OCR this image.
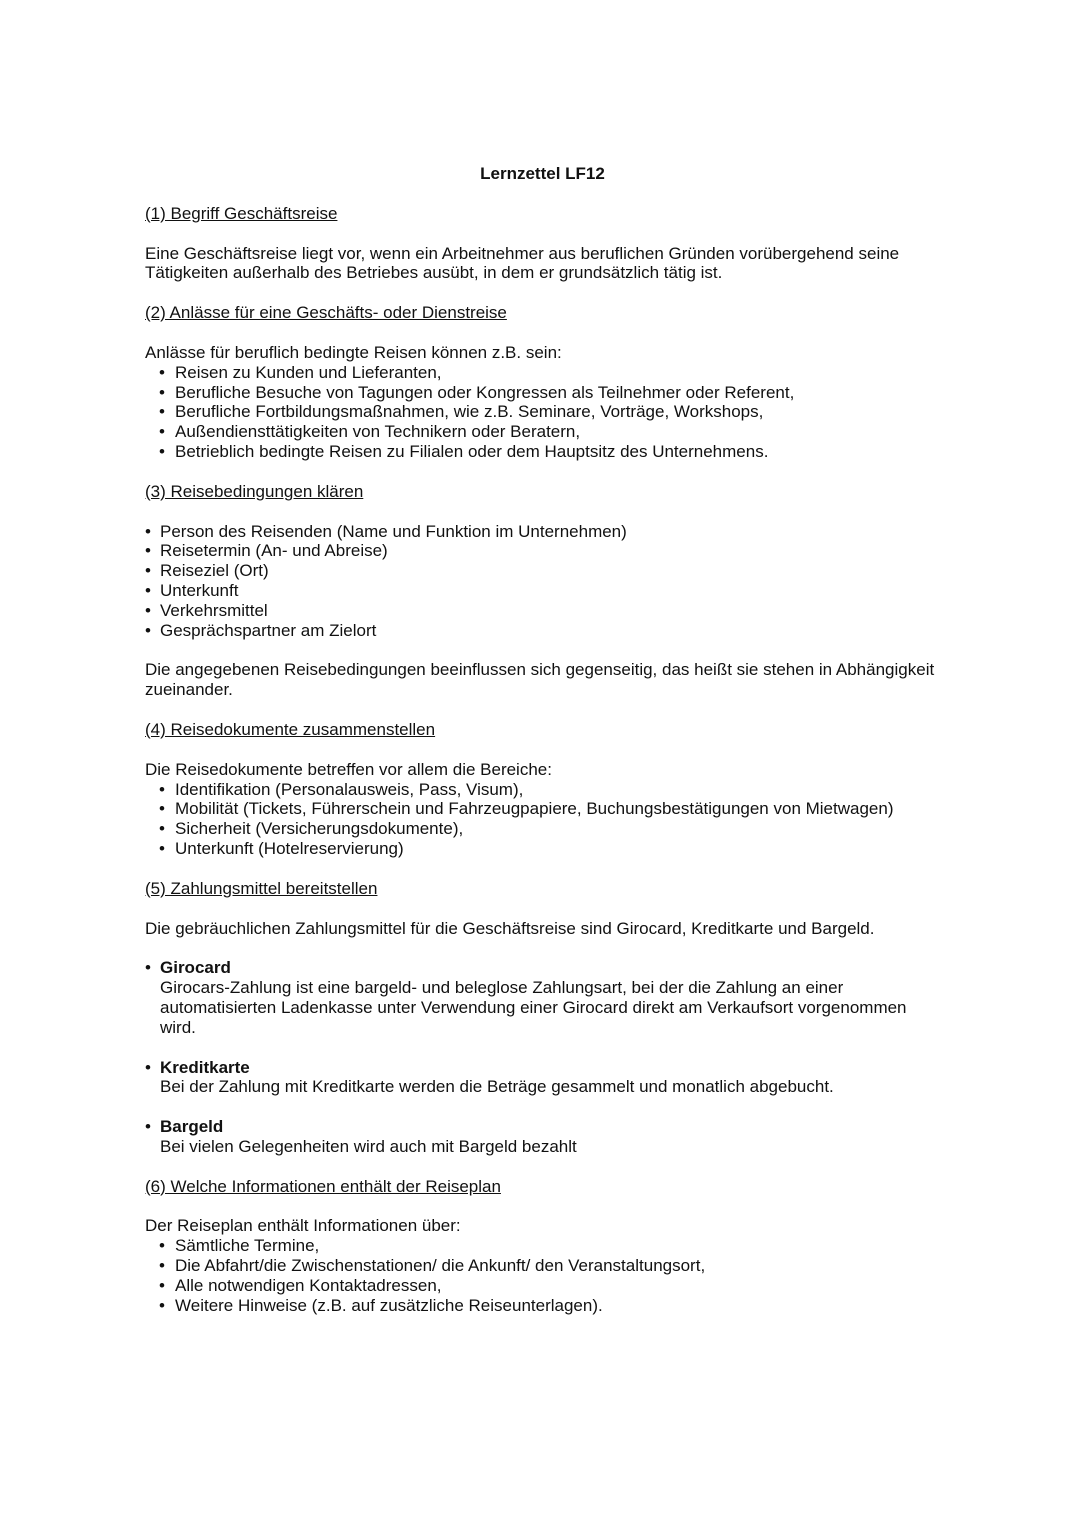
Lernzettel LF12
(1) Begriff Geschäftsreise
Eine Geschäftsreise liegt vor, wenn ein Arbeitnehmer aus beruflichen Gründen vorübergehend seine Tätigkeiten außerhalb des Betriebes ausübt, in dem er grundsätzlich tätig ist.
(2) Anlässe für eine Geschäfts- oder Dienstreise
Anlässe für beruflich bedingte Reisen können z.B. sein:
• Reisen zu Kunden und Lieferanten,
• Berufliche Besuche von Tagungen oder Kongressen als Teilnehmer oder Referent,
• Berufliche Fortbildungsmaßnahmen, wie z.B. Seminare, Vorträge, Workshops,
• Außendiensttätigkeiten von Technikern oder Beratern,
• Betrieblich bedingte Reisen zu Filialen oder dem Hauptsitz des Unternehmens.
(3) Reisebedingungen klären
• Person des Reisenden (Name und Funktion im Unternehmen)
• Reisetermin (An- und Abreise)
• Reiseziel (Ort)
• Unterkunft
• Verkehrsmittel
• Gesprächspartner am Zielort
Die angegebenen Reisebedingungen beeinflussen sich gegenseitig, das heißt sie stehen in Abhängigkeit zueinander.
(4) Reisedokumente zusammenstellen
Die Reisedokumente betreffen vor allem die Bereiche:
• Identifikation (Personalausweis, Pass, Visum),
• Mobilität (Tickets, Führerschein und Fahrzeugpapiere, Buchungsbestätigungen von Mietwagen)
• Sicherheit (Versicherungsdokumente),
• Unterkunft (Hotelreservierung)
(5) Zahlungsmittel bereitstellen
Die gebräuchlichen Zahlungsmittel für die Geschäftsreise sind Girocard, Kreditkarte und Bargeld.
• Girocard
Girocars-Zahlung ist eine bargeld- und beleglose Zahlungsart, bei der die Zahlung an einer automatisierten Ladenkasse unter Verwendung einer Girocard direkt am Verkaufsort vorgenommen wird.
• Kreditkarte
Bei der Zahlung mit Kreditkarte werden die Beträge gesammelt und monatlich abgebucht.
• Bargeld
Bei vielen Gelegenheiten wird auch mit Bargeld bezahlt
(6) Welche Informationen enthält der Reiseplan
Der Reiseplan enthält Informationen über:
• Sämtliche Termine,
• Die Abfahrt/die Zwischenstationen/ die Ankunft/ den Veranstaltungsort,
• Alle notwendigen Kontaktadressen,
• Weitere Hinweise (z.B. auf zusätzliche Reiseunterlagen).
